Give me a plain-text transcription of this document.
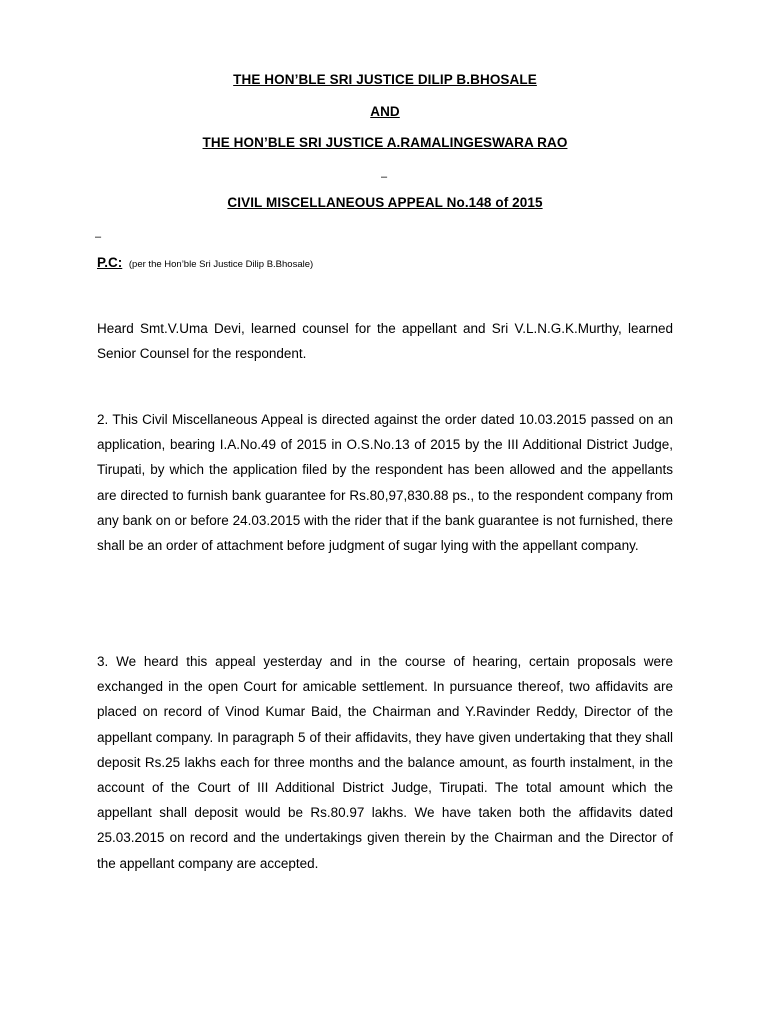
THE HON’BLE SRI JUSTICE DILIP B.BHOSALE
AND
THE HON’BLE SRI JUSTICE A.RAMALINGESWARA RAO
–
CIVIL MISCELLANEOUS APPEAL No.148 of 2015
–
P.C: (per the Hon’ble Sri Justice Dilip B.Bhosale)

Heard Smt.V.Uma Devi, learned counsel for the appellant and Sri V.L.N.G.K.Murthy, learned Senior Counsel for the respondent.

2. This Civil Miscellaneous Appeal is directed against the order dated 10.03.2015 passed on an application, bearing I.A.No.49 of 2015 in O.S.No.13 of 2015 by the III Additional District Judge, Tirupati, by which the application filed by the respondent has been allowed and the appellants are directed to furnish bank guarantee for Rs.80,97,830.88 ps., to the respondent company from any bank on or before 24.03.2015 with the rider that if the bank guarantee is not furnished, there shall be an order of attachment before judgment of sugar lying with the appellant company.

3. We heard this appeal yesterday and in the course of hearing, certain proposals were exchanged in the open Court for amicable settlement. In pursuance thereof, two affidavits are placed on record of Vinod Kumar Baid, the Chairman and Y.Ravinder Reddy, Director of the appellant company. In paragraph 5 of their affidavits, they have given undertaking that they shall deposit Rs.25 lakhs each for three months and the balance amount, as fourth instalment, in the account of the Court of III Additional District Judge, Tirupati. The total amount which the appellant shall deposit would be Rs.80.97 lakhs. We have taken both the affidavits dated 25.03.2015 on record and the undertakings given therein by the Chairman and the Director of the appellant company are accepted.
